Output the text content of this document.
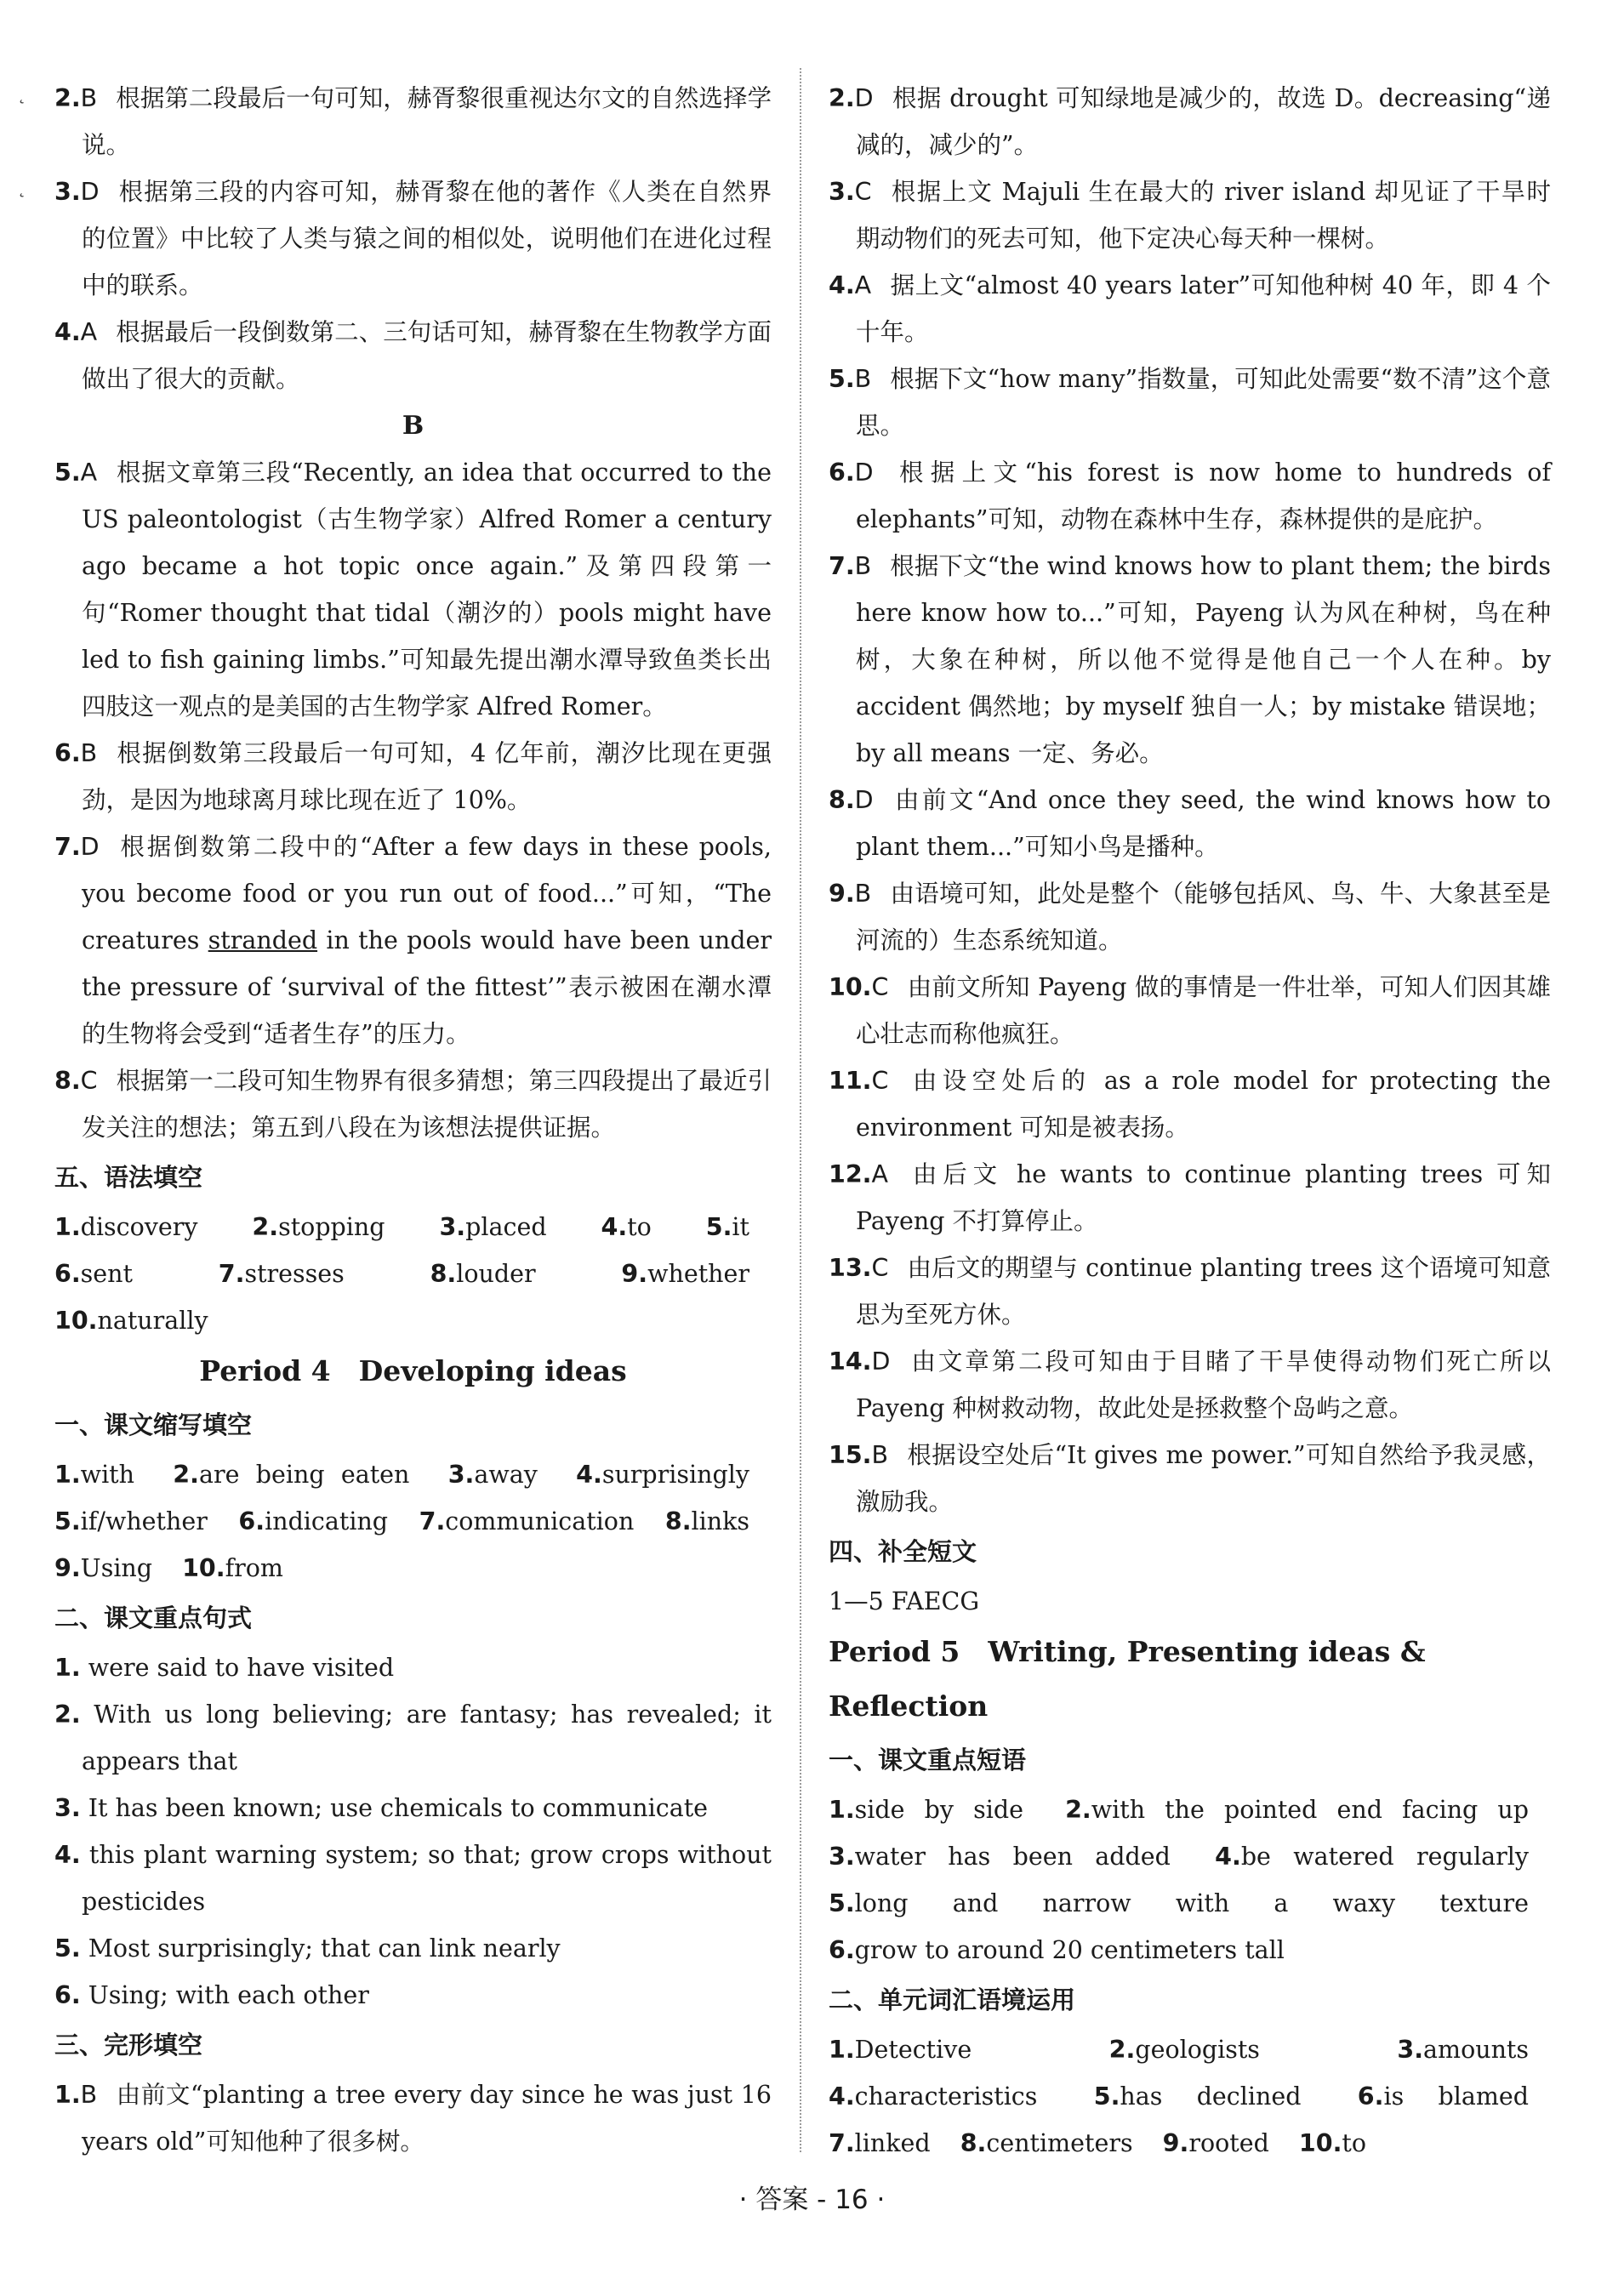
˛
˛
2.B 根据第二段最后一句可知，赫胥黎很重视达尔文的自然选择学说。
3.D 根据第三段的内容可知，赫胥黎在他的著作《人类在自然界的位置》中比较了人类与猿之间的相似处，说明他们在进化过程中的联系。
4.A 根据最后一段倒数第二、三句话可知，赫胥黎在生物教学方面做出了很大的贡献。
B
5.A 根据文章第三段“Recently, an idea that occurred to the US paleontologist（古生物学家）Alfred Romer a century ago became a hot topic once again.”及第四段第一句“Romer thought that tidal（潮汐的）pools might have led to fish gaining limbs.”可知最先提出潮水潭导致鱼类长出四肢这一观点的是美国的古生物学家 Alfred Romer。
6.B 根据倒数第三段最后一句可知，4 亿年前，潮汐比现在更强劲，是因为地球离月球比现在近了 10%。
7.D 根据倒数第二段中的“After a few days in these pools, you become food or you run out of food...”可知，“The creatures stranded in the pools would have been under the pressure of ‘survival of the fittest’”表示被困在潮水潭的生物将会受到“适者生存”的压力。
8.C 根据第一二段可知生物界有很多猜想；第三四段提出了最近引发关注的想法；第五到八段在为该想法提供证据。
五、语法填空
1.discovery 2.stopping 3.placed 4.to 5.it 6.sent	7.stresses	8.louder	9.whether 10.naturally
Period 4　Developing ideas
一、课文缩写填空
1.with 2.are being eaten 3.away 4.surprisingly 5.if/whether 6.indicating 7.communication 8.links 9.Using 10.from
二、课文重点句式
1. were said to have visited
2. With us long believing; are fantasy; has revealed; it appears that
3. It has been known; use chemicals to communicate
4. this plant warning system; so that; grow crops without pesticides
5. Most surprisingly; that can link nearly
6. Using; with each other
三、完形填空
1.B 由前文“planting a tree every day since he was just 16 years old”可知他种了很多树。
2.D 根据 drought 可知绿地是减少的，故选 D。decreasing“递减的，减少的”。
3.C 根据上文 Majuli 生在最大的 river island 却见证了干旱时期动物们的死去可知，他下定决心每天种一棵树。
4.A 据上文“almost 40 years later”可知他种树 40 年，即 4 个十年。
5.B 根据下文“how many”指数量，可知此处需要“数不清”这个意思。
6.D 根据上文“his forest is now home to hundreds of elephants”可知，动物在森林中生存，森林提供的是庇护。
7.B 根据下文“the wind knows how to plant them; the birds here know how to...”可知，Payeng 认为风在种树，鸟在种树，大象在种树，所以他不觉得是他自己一个人在种。by accident 偶然地；by myself 独自一人；by mistake 错误地；by all means 一定、务必。
8.D 由前文“And once they seed, the wind knows how to plant them...”可知小鸟是播种。
9.B 由语境可知，此处是整个（能够包括风、鸟、牛、大象甚至是河流的）生态系统知道。
10.C 由前文所知 Payeng 做的事情是一件壮举，可知人们因其雄心壮志而称他疯狂。
11.C 由设空处后的 as a role model for protecting the environment 可知是被表扬。
12.A 由后文 he wants to continue planting trees 可知 Payeng 不打算停止。
13.C 由后文的期望与 continue planting trees 这个语境可知意思为至死方休。
14.D 由文章第二段可知由于目睹了干旱使得动物们死亡所以 Payeng 种树救动物，故此处是拯救整个岛屿之意。
15.B 根据设空处后“It gives me power.”可知自然给予我灵感，激励我。
四、补全短文
1—5 FAECG
Period 5　Writing, Presenting ideas & Reflection
一、课文重点短语
1.side by side 2.with the pointed end facing up 3.water has been added 4.be watered regularly 5.long and narrow with a waxy texture 6.grow to around 20 centimeters tall
二、单元词汇语境运用
1.Detective	2.geologists	3.amounts 4.characteristics 5.has declined 6.is blamed 7.linked 8.centimeters 9.rooted 10.to
· 答案 - 16 ·
